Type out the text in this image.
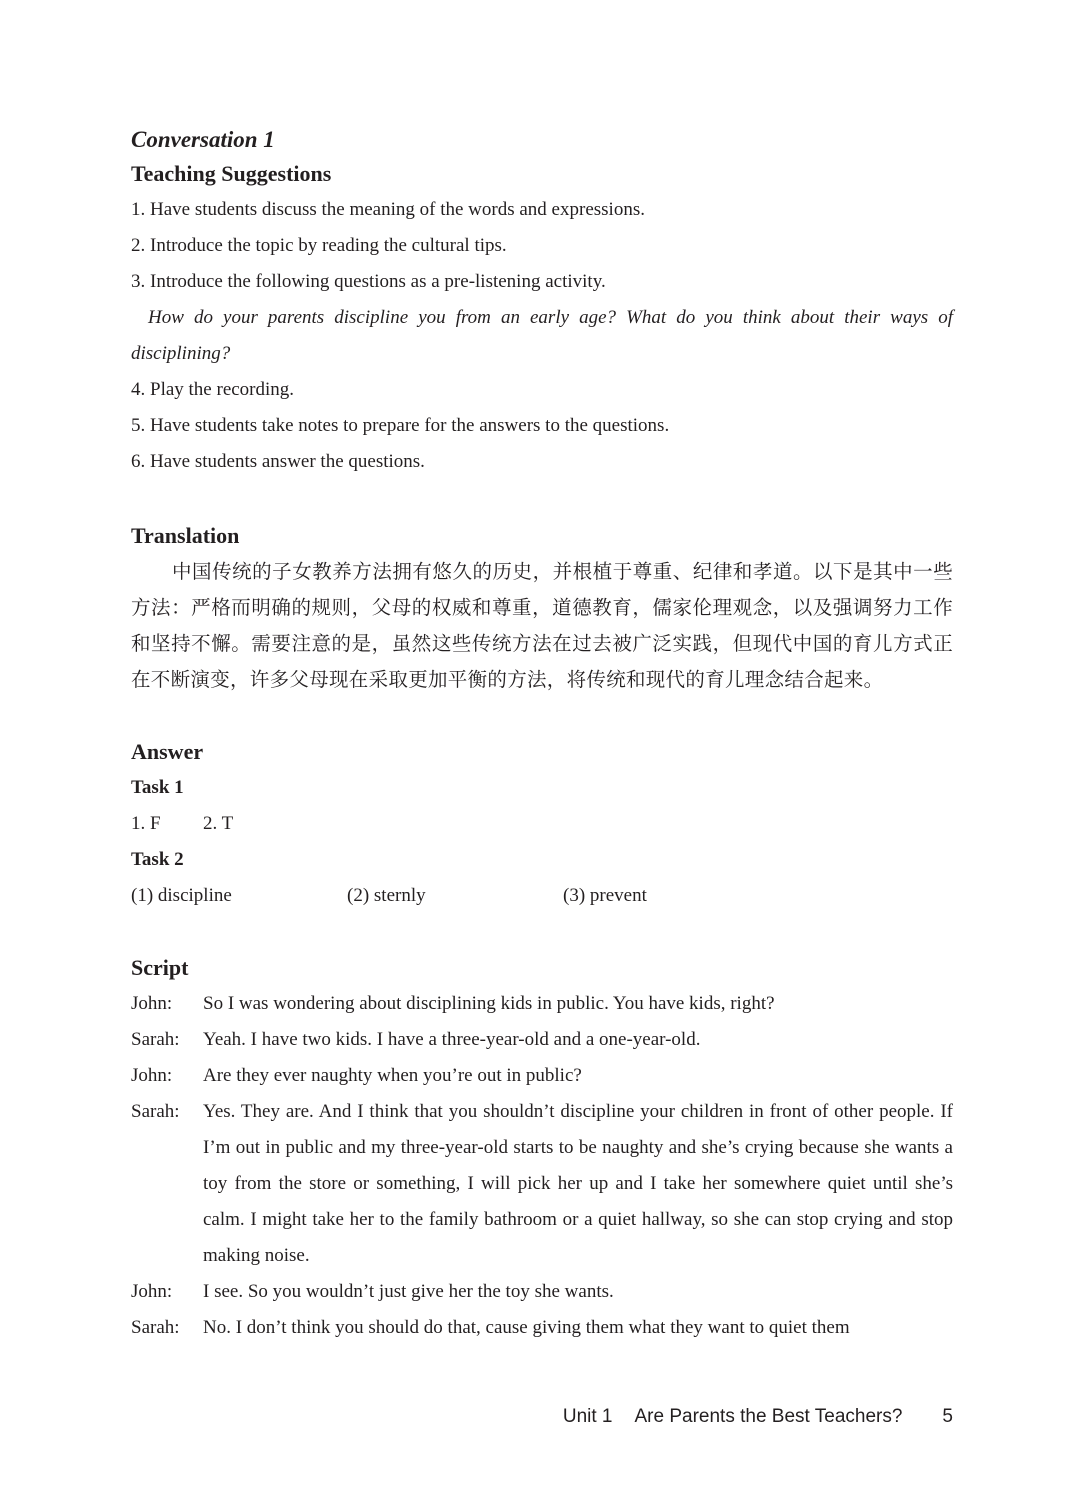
Conversation 1

Teaching Suggestions

1. Have students discuss the meaning of the words and expressions.

2. Introduce the topic by reading the cultural tips.

3. Introduce the following questions as a pre-listening activity.

How do your parents discipline you from an early age? What do you think about their ways of disciplining?

4. Play the recording.

5. Have students take notes to prepare for the answers to the questions.

6. Have students answer the questions.

Translation

中国传统的子女教养方法拥有悠久的历史，并根植于尊重、纪律和孝道。以下是其中一些方法：严格而明确的规则，父母的权威和尊重，道德教育，儒家伦理观念，以及强调努力工作和坚持不懈。需要注意的是，虽然这些传统方法在过去被广泛实践，但现代中国的育儿方式正在不断演变，许多父母现在采取更加平衡的方法，将传统和现代的育儿理念结合起来。

Answer

Task 1

1. F	2. T

Task 2

(1) discipline	(2) sternly	(3) prevent

Script

John:	So I was wondering about disciplining kids in public. You have kids, right?
Sarah:	Yeah. I have two kids. I have a three-year-old and a one-year-old.
John:	Are they ever naughty when you’re out in public?
Sarah:	Yes. They are. And I think that you shouldn’t discipline your children in front of other people. If I’m out in public and my three-year-old starts to be naughty and she’s crying because she wants a toy from the store or something, I will pick her up and I take her somewhere quiet until she’s calm. I might take her to the family bathroom or a quiet hallway, so she can stop crying and stop making noise.
John:	I see. So you wouldn’t just give her the toy she wants.
Sarah:	No. I don’t think you should do that, cause giving them what they want to quiet them
Unit 1 Are Parents the Best Teachers? 5
